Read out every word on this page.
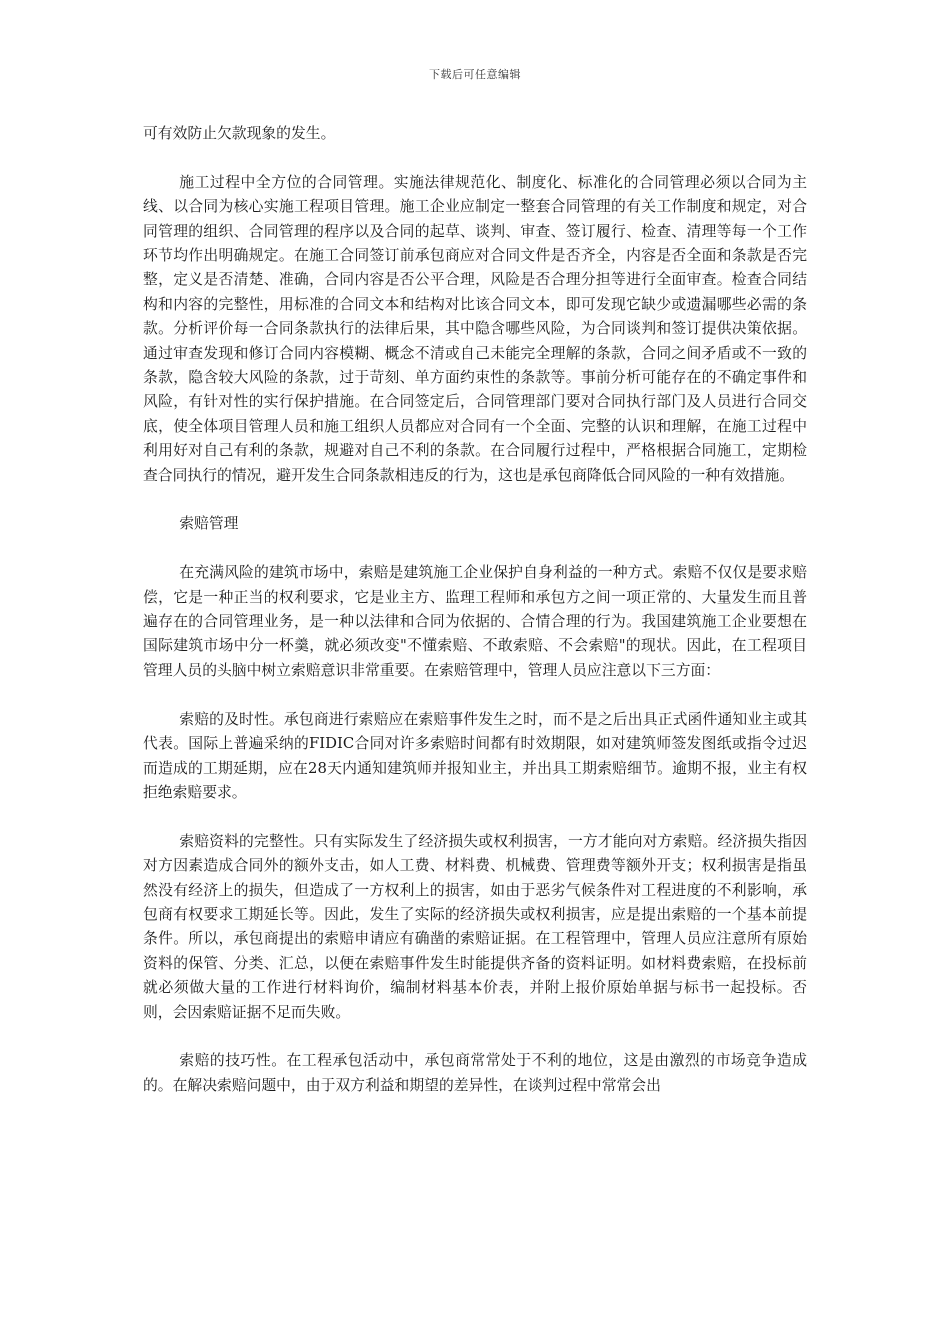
下载后可任意编辑

可有效防止欠款现象的发生。

施工过程中全方位的合同管理。实施法律规范化、制度化、标准化的合同管理必须以合同为主线、以合同为核心实施工程项目管理。施工企业应制定一整套合同管理的有关工作制度和规定，对合同管理的组织、合同管理的程序以及合同的起草、谈判、审查、签订履行、检查、清理等每一个工作环节均作出明确规定。在施工合同签订前承包商应对合同文件是否齐全，内容是否全面和条款是否完整，定义是否清楚、准确，合同内容是否公平合理，风险是否合理分担等进行全面审查。检查合同结构和内容的完整性，用标准的合同文本和结构对比该合同文本，即可发现它缺少或遗漏哪些必需的条款。分析评价每一合同条款执行的法律后果，其中隐含哪些风险，为合同谈判和签订提供决策依据。通过审查发现和修订合同内容模糊、概念不清或自己未能完全理解的条款，合同之间矛盾或不一致的条款，隐含较大风险的条款，过于苛刻、单方面约束性的条款等。事前分析可能存在的不确定事件和风险，有针对性的实行保护措施。在合同签定后，合同管理部门要对合同执行部门及人员进行合同交底，使全体项目管理人员和施工组织人员都应对合同有一个全面、完整的认识和理解，在施工过程中利用好对自己有利的条款，规避对自己不利的条款。在合同履行过程中，严格根据合同施工，定期检查合同执行的情况，避开发生合同条款相违反的行为，这也是承包商降低合同风险的一种有效措施。

索赔管理

在充满风险的建筑市场中，索赔是建筑施工企业保护自身利益的一种方式。索赔不仅仅是要求赔偿，它是一种正当的权利要求，它是业主方、监理工程师和承包方之间一项正常的、大量发生而且普遍存在的合同管理业务，是一种以法律和合同为依据的、合情合理的行为。我国建筑施工企业要想在国际建筑市场中分一杯羹，就必须改变"不懂索赔、不敢索赔、不会索赔"的现状。因此，在工程项目管理人员的头脑中树立索赔意识非常重要。在索赔管理中，管理人员应注意以下三方面：

索赔的及时性。承包商进行索赔应在索赔事件发生之时，而不是之后出具正式函件通知业主或其代表。国际上普遍采纳的FIDIC合同对许多索赔时间都有时效期限，如对建筑师签发图纸或指令过迟而造成的工期延期，应在28天内通知建筑师并报知业主，并出具工期索赔细节。逾期不报，业主有权拒绝索赔要求。

索赔资料的完整性。只有实际发生了经济损失或权利损害，一方才能向对方索赔。经济损失指因对方因素造成合同外的额外支击，如人工费、材料费、机械费、管理费等额外开支；权利损害是指虽然没有经济上的损失，但造成了一方权利上的损害，如由于恶劣气候条件对工程进度的不利影响，承包商有权要求工期延长等。因此，发生了实际的经济损失或权利损害，应是提出索赔的一个基本前提条件。所以，承包商提出的索赔申请应有确凿的索赔证据。在工程管理中，管理人员应注意所有原始资料的保管、分类、汇总，以便在索赔事件发生时能提供齐备的资料证明。如材料费索赔，在投标前就必须做大量的工作进行材料询价，编制材料基本价表，并附上报价原始单据与标书一起投标。否则，会因索赔证据不足而失败。

索赔的技巧性。在工程承包活动中，承包商常常处于不利的地位，这是由激烈的市场竞争造成的。在解决索赔问题中，由于双方利益和期望的差异性，在谈判过程中常常会出
